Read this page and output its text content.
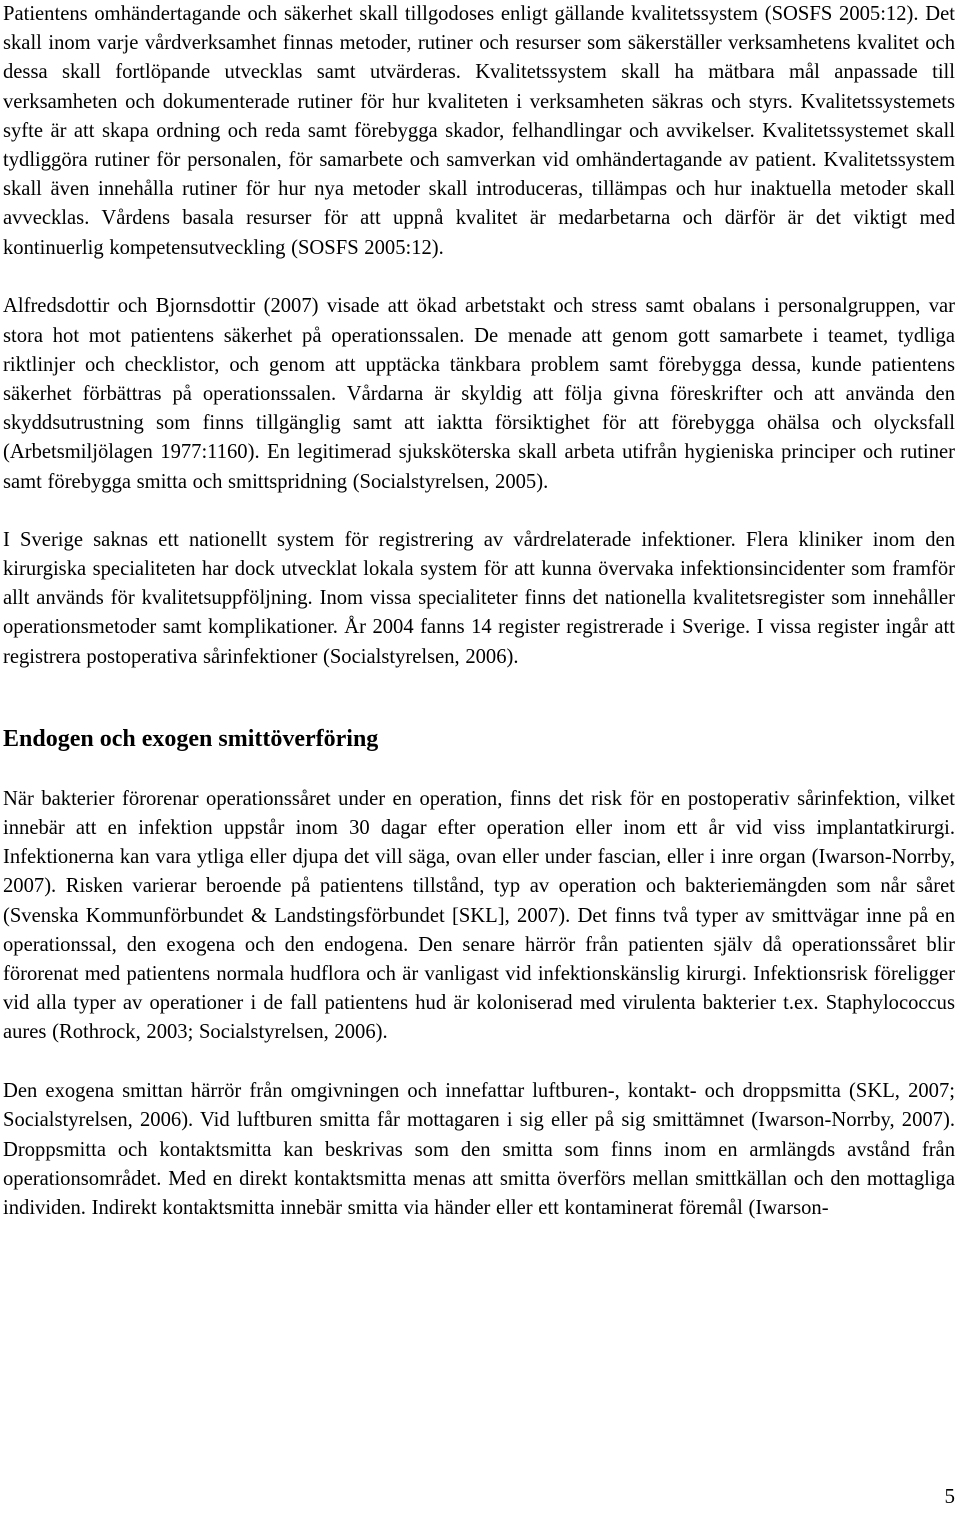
Patientens omhändertagande och säkerhet skall tillgodoses enligt gällande kvalitetssystem (SOSFS 2005:12). Det skall inom varje vårdverksamhet finnas metoder, rutiner och resurser som säkerställer verksamhetens kvalitet och dessa skall fortlöpande utvecklas samt utvärderas. Kvalitetssystem skall ha mätbara mål anpassade till verksamheten och dokumenterade rutiner för hur kvaliteten i verksamheten säkras och styrs. Kvalitetssystemets syfte är att skapa ordning och reda samt förebygga skador, felhandlingar och avvikelser. Kvalitetssystemet skall tydliggöra rutiner för personalen, för samarbete och samverkan vid omhändertagande av patient. Kvalitetssystem skall även innehålla rutiner för hur nya metoder skall introduceras, tillämpas och hur inaktuella metoder skall avvecklas. Vårdens basala resurser för att uppnå kvalitet är medarbetarna och därför är det viktigt med kontinuerlig kompetensutveckling (SOSFS 2005:12).

Alfredsdottir och Bjornsdottir (2007) visade att ökad arbetstakt och stress samt obalans i personalgruppen, var stora hot mot patientens säkerhet på operationssalen. De menade att genom gott samarbete i teamet, tydliga riktlinjer och checklistor, och genom att upptäcka tänkbara problem samt förebygga dessa, kunde patientens säkerhet förbättras på operationssalen. Vårdarna är skyldig att följa givna föreskrifter och att använda den skyddsutrustning som finns tillgänglig samt att iaktta försiktighet för att förebygga ohälsa och olycksfall (Arbetsmiljölagen 1977:1160). En legitimerad sjuksköterska skall arbeta utifrån hygieniska principer och rutiner samt förebygga smitta och smittspridning (Socialstyrelsen, 2005).

I Sverige saknas ett nationellt system för registrering av vårdrelaterade infektioner. Flera kliniker inom den kirurgiska specialiteten har dock utvecklat lokala system för att kunna övervaka infektionsincidenter som framför allt används för kvalitetsuppföljning. Inom vissa specialiteter finns det nationella kvalitetsregister som innehåller operationsmetoder samt komplikationer. År 2004 fanns 14 register registrerade i Sverige. I vissa register ingår att registrera postoperativa sårinfektioner (Socialstyrelsen, 2006).

Endogen och exogen smittöverföring

När bakterier förorenar operationssåret under en operation, finns det risk för en postoperativ sårinfektion, vilket innebär att en infektion uppstår inom 30 dagar efter operation eller inom ett år vid viss implantatkirurgi. Infektionerna kan vara ytliga eller djupa det vill säga, ovan eller under fascian, eller i inre organ (Iwarson-Norrby, 2007). Risken varierar beroende på patientens tillstånd, typ av operation och bakteriemängden som når såret (Svenska Kommunförbundet & Landstingsförbundet [SKL], 2007). Det finns två typer av smittvägar inne på en operationssal, den exogena och den endogena. Den senare härrör från patienten själv då operationssåret blir förorenat med patientens normala hudflora och är vanligast vid infektionskänslig kirurgi. Infektionsrisk föreligger vid alla typer av operationer i de fall patientens hud är koloniserad med virulenta bakterier t.ex. Staphylococcus aures (Rothrock, 2003; Socialstyrelsen, 2006).

Den exogena smittan härrör från omgivningen och innefattar luftburen-, kontakt- och droppsmitta (SKL, 2007; Socialstyrelsen, 2006). Vid luftburen smitta får mottagaren i sig eller på sig smittämnet (Iwarson-Norrby, 2007). Droppsmitta och kontaktsmitta kan beskrivas som den smitta som finns inom en armlängds avstånd från operationsområdet. Med en direkt kontaktsmitta menas att smitta överförs mellan smittkällan och den mottagliga individen. Indirekt kontaktsmitta innebär smitta via händer eller ett kontaminerat föremål (Iwarson-

5
